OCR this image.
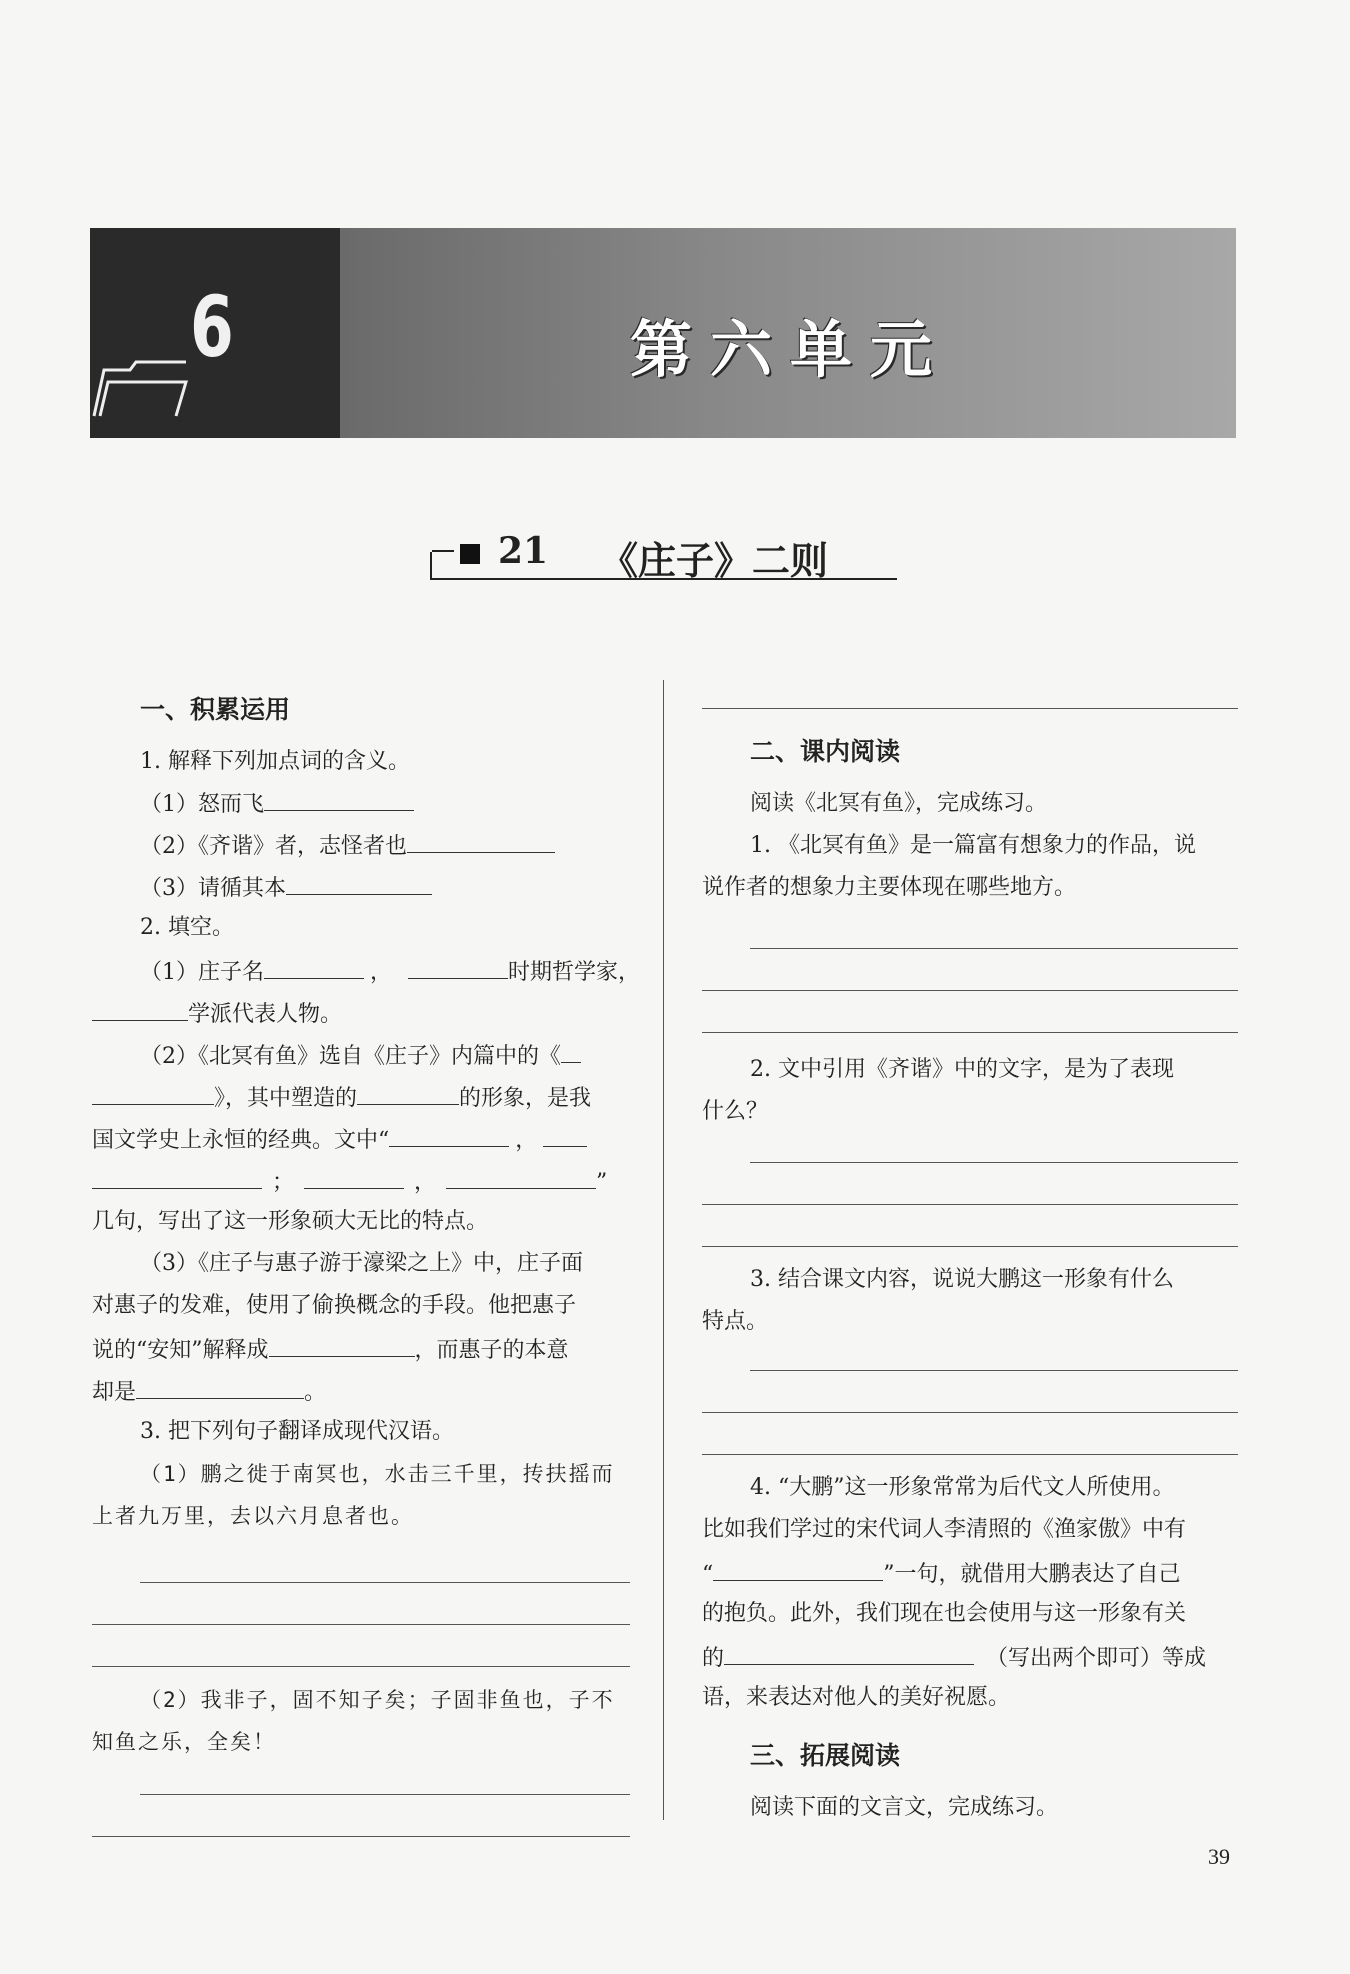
6	第六单元
21 《庄子》二则
一、积累运用
1. 解释下列加点词的含义。
（1）怒而飞
（2）《齐谐》者，志怪者也
（3）请循其本
2. 填空。
（1）庄子名	，	时期哲学家，
学派代表人物。
（2）《北冥有鱼》选自《庄子》内篇中的《
》，其中塑造的	的形象，是我
国文学史上永恒的经典。文中“	，
；	，	”
几句，写出了这一形象硕大无比的特点。
（3）《庄子与惠子游于濠梁之上》中，庄子面
对惠子的发难，使用了偷换概念的手段。他把惠子
说的“安知”解释成	，而惠子的本意
却是	。
3. 把下列句子翻译成现代汉语。
（1）鹏之徙于南冥也，水击三千里，抟扶摇而
上者九万里，去以六月息者也。
（2）我非子，固不知子矣；子固非鱼也，子不
知鱼之乐，全矣！
二、课内阅读
阅读《北冥有鱼》，完成练习。
1. 《北冥有鱼》是一篇富有想象力的作品，说
说作者的想象力主要体现在哪些地方。
2. 文中引用《齐谐》中的文字，是为了表现
什么？
3. 结合课文内容，说说大鹏这一形象有什么
特点。
4. “大鹏”这一形象常常为后代文人所使用。
比如我们学过的宋代词人李清照的《渔家傲》中有
“	”一句，就借用大鹏表达了自己
的抱负。此外，我们现在也会使用与这一形象有关
的	（写出两个即可）等成
语，来表达对他人的美好祝愿。
三、拓展阅读
阅读下面的文言文，完成练习。
39
